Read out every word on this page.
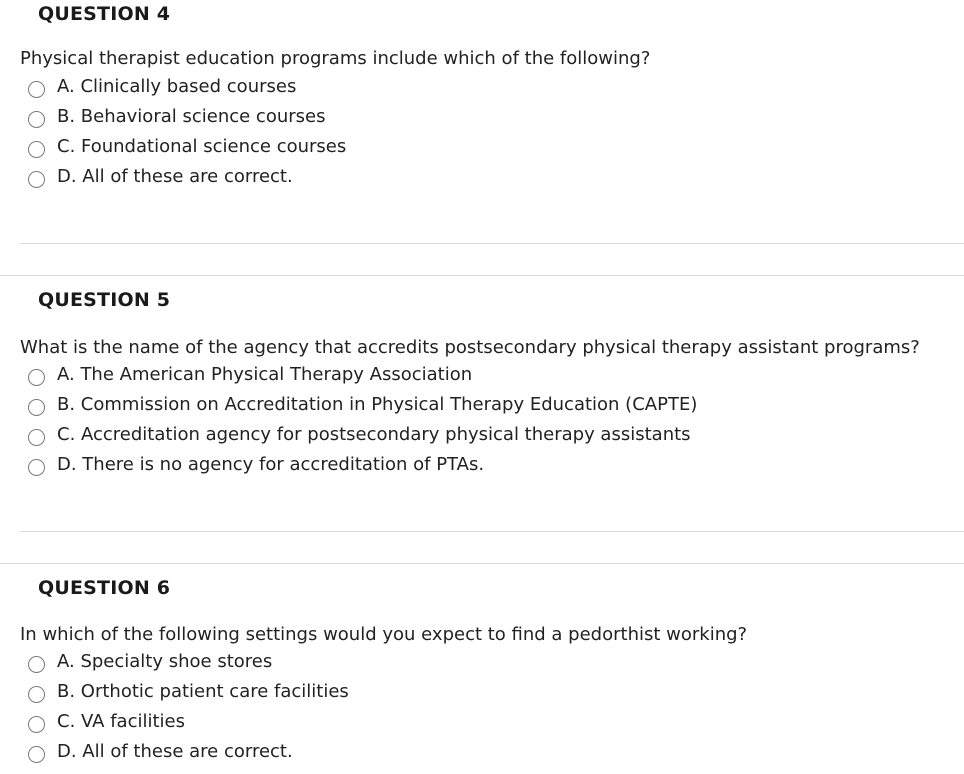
QUESTION 4
Physical therapist education programs include which of the following?
A. Clinically based courses
B. Behavioral science courses
C. Foundational science courses
D. All of these are correct.
QUESTION 5
What is the name of the agency that accredits postsecondary physical therapy assistant programs?
A. The American Physical Therapy Association
B. Commission on Accreditation in Physical Therapy Education (CAPTE)
C. Accreditation agency for postsecondary physical therapy assistants
D. There is no agency for accreditation of PTAs.
QUESTION 6
In which of the following settings would you expect to find a pedorthist working?
A. Specialty shoe stores
B. Orthotic patient care facilities
C. VA facilities
D. All of these are correct.
